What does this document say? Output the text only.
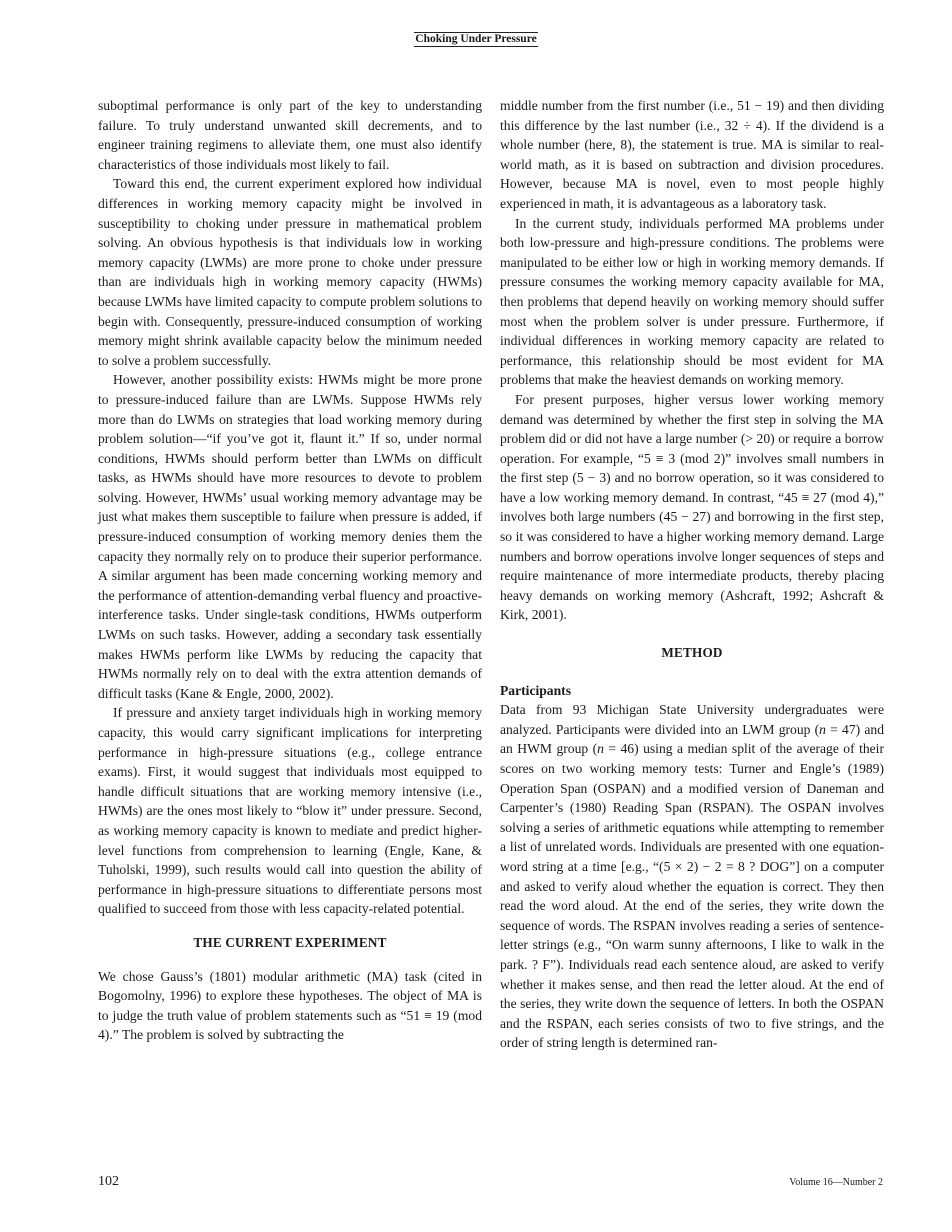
Choking Under Pressure

suboptimal performance is only part of the key to understanding failure. To truly understand unwanted skill decrements, and to engineer training regimens to alleviate them, one must also identify characteristics of those individuals most likely to fail.

Toward this end, the current experiment explored how individual differences in working memory capacity might be involved in susceptibility to choking under pressure in mathematical problem solving. An obvious hypothesis is that individuals low in working memory capacity (LWMs) are more prone to choke under pressure than are individuals high in working memory capacity (HWMs) because LWMs have limited capacity to compute problem solutions to begin with. Consequently, pressure-induced consumption of working memory might shrink available capacity below the minimum needed to solve a problem successfully.

However, another possibility exists: HWMs might be more prone to pressure-induced failure than are LWMs. Suppose HWMs rely more than do LWMs on strategies that load working memory during problem solution—“if you’ve got it, flaunt it.” If so, under normal conditions, HWMs should perform better than LWMs on difficult tasks, as HWMs should have more resources to devote to problem solving. However, HWMs’ usual working memory advantage may be just what makes them susceptible to failure when pressure is added, if pressure-induced consumption of working memory denies them the capacity they normally rely on to produce their superior performance. A similar argument has been made concerning working memory and the performance of attention-demanding verbal fluency and proactive-interference tasks. Under single-task conditions, HWMs outperform LWMs on such tasks. However, adding a secondary task essentially makes HWMs perform like LWMs by reducing the capacity that HWMs normally rely on to deal with the extra attention demands of difficult tasks (Kane & Engle, 2000, 2002).

If pressure and anxiety target individuals high in working memory capacity, this would carry significant implications for interpreting performance in high-pressure situations (e.g., college entrance exams). First, it would suggest that individuals most equipped to handle difficult situations that are working memory intensive (i.e., HWMs) are the ones most likely to “blow it” under pressure. Second, as working memory capacity is known to mediate and predict higher-level functions from comprehension to learning (Engle, Kane, & Tuholski, 1999), such results would call into question the ability of performance in high-pressure situations to differentiate persons most qualified to succeed from those with less capacity-related potential.

THE CURRENT EXPERIMENT

We chose Gauss’s (1801) modular arithmetic (MA) task (cited in Bogomolny, 1996) to explore these hypotheses. The object of MA is to judge the truth value of problem statements such as “51 ≡ 19 (mod 4).” The problem is solved by subtracting the

middle number from the first number (i.e., 51 − 19) and then dividing this difference by the last number (i.e., 32 ÷ 4). If the dividend is a whole number (here, 8), the statement is true. MA is similar to real-world math, as it is based on subtraction and division procedures. However, because MA is novel, even to most people highly experienced in math, it is advantageous as a laboratory task.

In the current study, individuals performed MA problems under both low-pressure and high-pressure conditions. The problems were manipulated to be either low or high in working memory demands. If pressure consumes the working memory capacity available for MA, then problems that depend heavily on working memory should suffer most when the problem solver is under pressure. Furthermore, if individual differences in working memory capacity are related to performance, this relationship should be most evident for MA problems that make the heaviest demands on working memory.

For present purposes, higher versus lower working memory demand was determined by whether the first step in solving the MA problem did or did not have a large number (> 20) or require a borrow operation. For example, “5 ≡ 3 (mod 2)” involves small numbers in the first step (5 − 3) and no borrow operation, so it was considered to have a low working memory demand. In contrast, “45 ≡ 27 (mod 4),” involves both large numbers (45 − 27) and borrowing in the first step, so it was considered to have a higher working memory demand. Large numbers and borrow operations involve longer sequences of steps and require maintenance of more intermediate products, thereby placing heavy demands on working memory (Ashcraft, 1992; Ashcraft & Kirk, 2001).

METHOD
Participants

Data from 93 Michigan State University undergraduates were analyzed. Participants were divided into an LWM group (n = 47) and an HWM group (n = 46) using a median split of the average of their scores on two working memory tests: Turner and Engle’s (1989) Operation Span (OSPAN) and a modified version of Daneman and Carpenter’s (1980) Reading Span (RSPAN). The OSPAN involves solving a series of arithmetic equations while attempting to remember a list of unrelated words. Individuals are presented with one equation-word string at a time [e.g., “(5 × 2) − 2 = 8 ? DOG”] on a computer and asked to verify aloud whether the equation is correct. They then read the word aloud. At the end of the series, they write down the sequence of words. The RSPAN involves reading a series of sentence-letter strings (e.g., “On warm sunny afternoons, I like to walk in the park. ? F”). Individuals read each sentence aloud, are asked to verify whether it makes sense, and then read the letter aloud. At the end of the series, they write down the sequence of letters. In both the OSPAN and the RSPAN, each series consists of two to five strings, and the order of string length is determined ran-

102	Volume 16—Number 2
